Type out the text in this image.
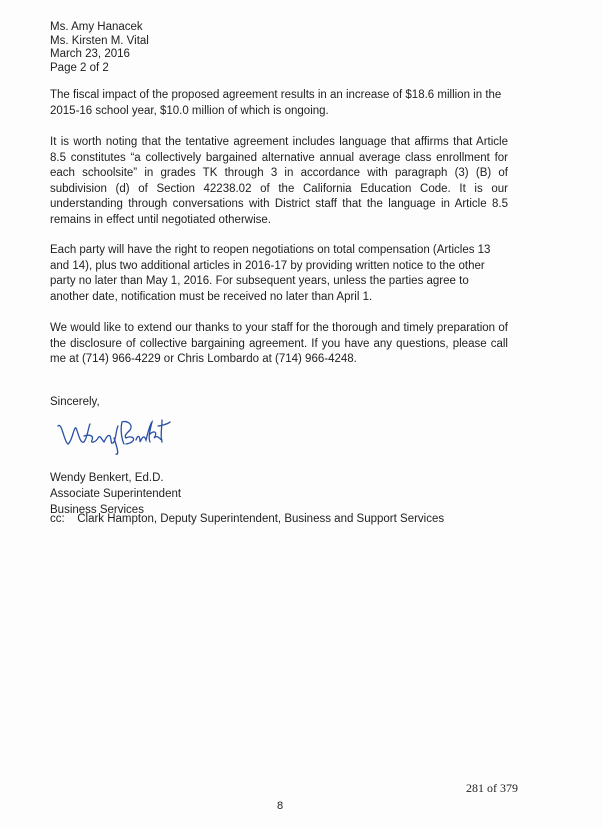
Ms. Amy Hanacek
Ms. Kirsten M. Vital
March 23, 2016
Page 2 of 2
The fiscal impact of the proposed agreement results in an increase of $18.6 million in the 2015-16 school year, $10.0 million of which is ongoing.
It is worth noting that the tentative agreement includes language that affirms that Article 8.5 constitutes “a collectively bargained alternative annual average class enrollment for each schoolsite” in grades TK through 3 in accordance with paragraph (3) (B) of subdivision (d) of Section 42238.02 of the California Education Code. It is our understanding through conversations with District staff that the language in Article 8.5 remains in effect until negotiated otherwise.
Each party will have the right to reopen negotiations on total compensation (Articles 13 and 14), plus two additional articles in 2016-17 by providing written notice to the other party no later than May 1, 2016. For subsequent years, unless the parties agree to another date, notification must be received no later than April 1.
We would like to extend our thanks to your staff for the thorough and timely preparation of the disclosure of collective bargaining agreement. If you have any questions, please call me at (714) 966-4229 or Chris Lombardo at (714) 966-4248.
Sincerely,
Wendy Benkert, Ed.D.
Associate Superintendent
Business Services
cc: Clark Hampton, Deputy Superintendent, Business and Support Services
281 of 379
8
